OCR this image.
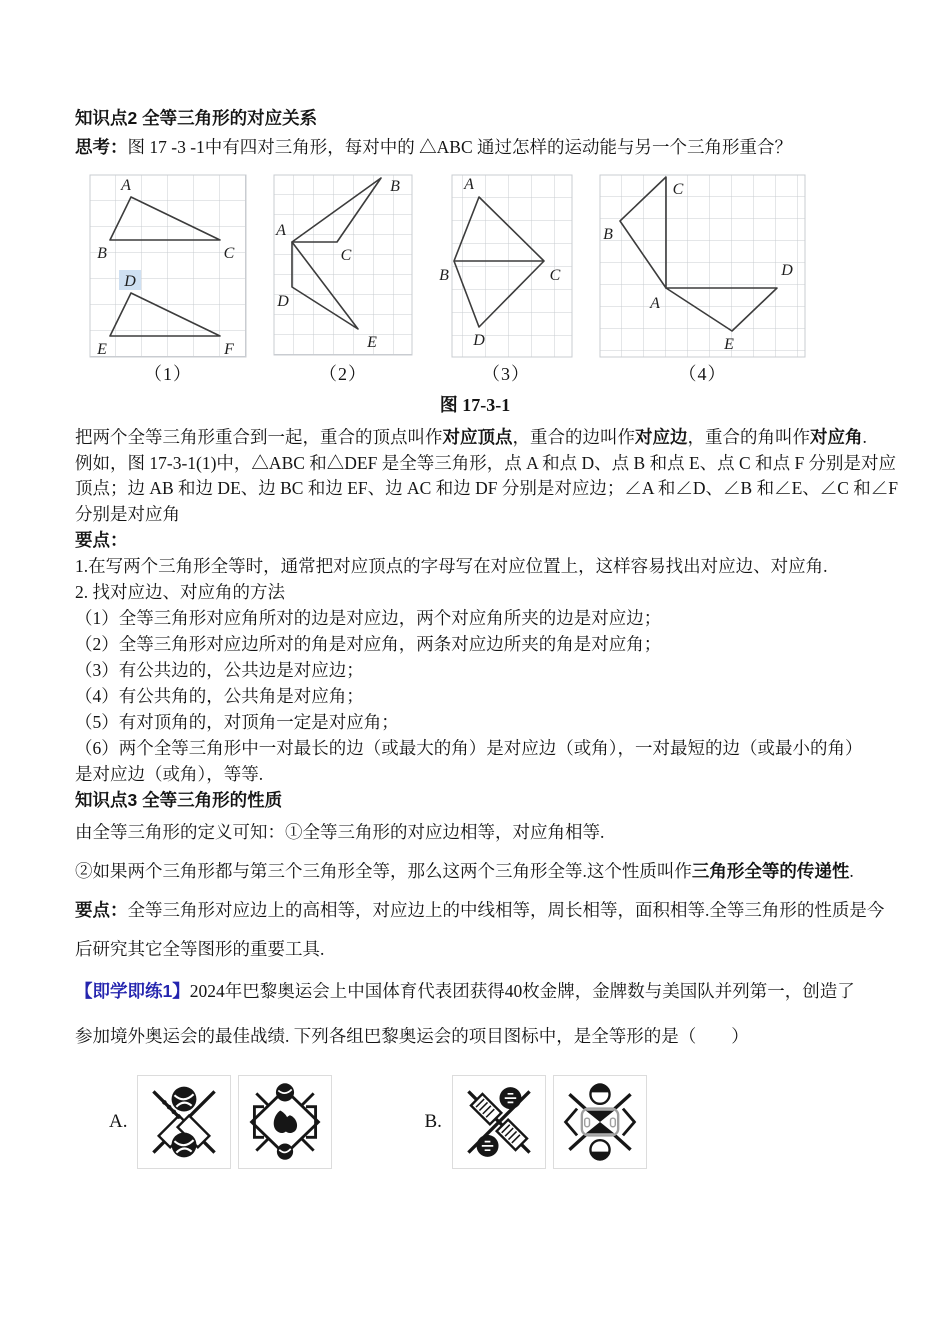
知识点2 全等三角形的对应关系
思考：图 17 -3 -1中有四对三角形，每对中的 △ABC 通过怎样的运动能与另一个三角形重合？
A
B	C
D
E	F
（1）
A
B
C
D
E
（2）
A
B	C
D
（3）
C
B
A
D
E
（4）
图 17-3-1
把两个全等三角形重合到一起，重合的顶点叫作对应顶点，重合的边叫作对应边，重合的角叫作对应角.
例如，图 17-3-1(1)中，△ABC 和△DEF 是全等三角形，点 A 和点 D、点 B 和点 E、点 C 和点 F 分别是对应
顶点；边 AB 和边 DE、边 BC 和边 EF、边 AC 和边 DF 分别是对应边；∠A 和∠D、∠B 和∠E、∠C 和∠F
分别是对应角
要点：
1.在写两个三角形全等时，通常把对应顶点的字母写在对应位置上，这样容易找出对应边、对应角.
2. 找对应边、对应角的方法
（1）全等三角形对应角所对的边是对应边，两个对应角所夹的边是对应边；
（2）全等三角形对应边所对的角是对应角，两条对应边所夹的角是对应角；
（3）有公共边的，公共边是对应边；
（4）有公共角的，公共角是对应角；
（5）有对顶角的，对顶角一定是对应角；
（6）两个全等三角形中一对最长的边（或最大的角）是对应边（或角），一对最短的边（或最小的角）
是对应边（或角），等等.
知识点3 全等三角形的性质
由全等三角形的定义可知：①全等三角形的对应边相等，对应角相等.
②如果两个三角形都与第三个三角形全等，那么这两个三角形全等.这个性质叫作三角形全等的传递性.
要点：全等三角形对应边上的高相等，对应边上的中线相等，周长相等，面积相等.全等三角形的性质是今
后研究其它全等图形的重要工具.
【即学即练1】2024年巴黎奥运会上中国体育代表团获得40枚金牌，金牌数与美国队并列第一，创造了
参加境外奥运会的最佳战绩. 下列各组巴黎奥运会的项目图标中，是全等形的是（　　）
A.	B.
